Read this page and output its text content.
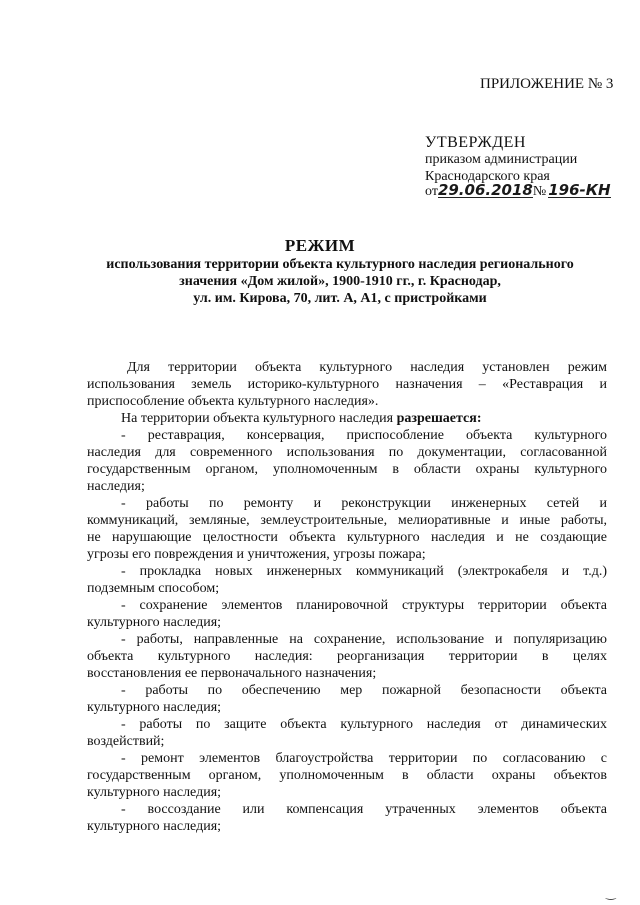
ПРИЛОЖЕНИЕ № 3
УТВЕРЖДЕН
приказом администрации
Краснодарского края
от29.06.2018№ 196-КН
РЕЖИМ
использования территории объекта культурного наследия регионального
значения «Дом жилой», 1900-1910 гг., г. Краснодар,
ул. им. Кирова, 70, лит. А, А1, с пристройками
Для территории объекта культурного наследия установлен режим
использования земель историко-культурного назначения – «Реставрация и
приспособление объекта культурного наследия».
На территории объекта культурного наследия разрешается:
- реставрация, консервация, приспособление объекта культурного
наследия для современного использования по документации, согласованной
государственным органом, уполномоченным в области охраны культурного
наследия;
- работы по ремонту и реконструкции инженерных сетей и
коммуникаций, земляные, землеустроительные, мелиоративные и иные работы,
не нарушающие целостности объекта культурного наследия и не создающие
угрозы его повреждения и уничтожения, угрозы пожара;
- прокладка новых инженерных коммуникаций (электрокабеля и т.д.)
подземным способом;
- сохранение элементов планировочной структуры территории объекта
культурного наследия;
- работы, направленные на сохранение, использование и популяризацию
объекта культурного наследия: реорганизация территории в целях
восстановления ее первоначального назначения;
- работы по обеспечению мер пожарной безопасности объекта
культурного наследия;
- работы по защите объекта культурного наследия от динамических
воздействий;
- ремонт элементов благоустройства территории по согласованию с
государственным органом, уполномоченным в области охраны объектов
культурного наследия;
- воссоздание или компенсация утраченных элементов объекта
культурного наследия;
‿
